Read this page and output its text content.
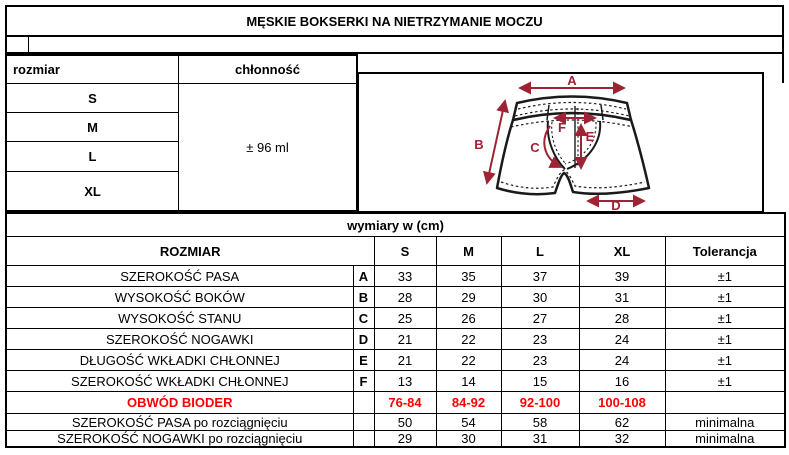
MĘSKIE BOKSERKI NA NIETRZYMANIE MOCZU
rozmiar	chłonność
S
M
L
XL
± 96 ml
A
B	C
D
E
F
wymiary w (cm)						
ROZMIAR		S	M	L	XL	Tolerancja
SZEROKOŚĆ PASA	A	33	35	37	39	±1
WYSOKOŚĆ BOKÓW	B	28	29	30	31	±1
WYSOKOŚĆ STANU	C	25	26	27	28	±1
SZEROKOŚĆ NOGAWKI	D	21	22	23	24	±1
DŁUGOŚĆ WKŁADKI CHŁONNEJ	E	21	22	23	24	±1
SZEROKOŚĆ WKŁADKI CHŁONNEJ	F	13	14	15	16	±1
OBWÓD BIODER		76-84	84-92	92-100	100-108	
SZEROKOŚĆ PASA po rozciągnięciu		50	54	58	62	minimalna
SZEROKOŚĆ NOGAWKI po rozciągnięciu		29	30	31	32	minimalna
